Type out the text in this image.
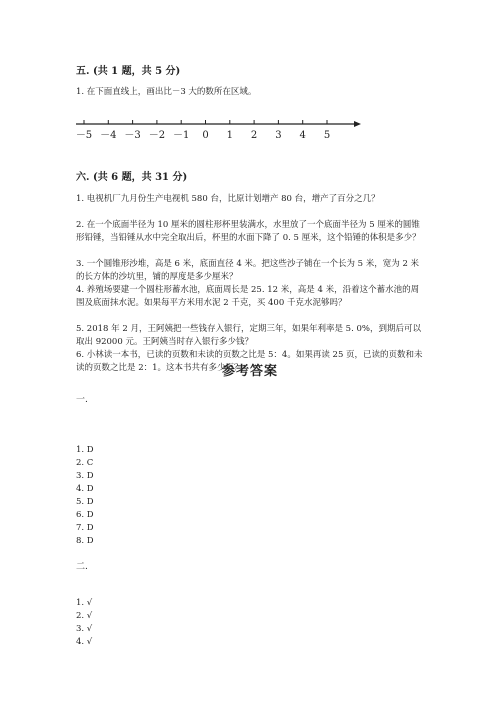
五. (共 1 题，共 5 分)
1. 在下面直线上，画出比－3 大的数所在区域。
－5 －4 －3 －2 －1 0 1 2 3 4 5
六. (共 6 题，共 31 分)
1. 电视机厂九月份生产电视机 580 台，比原计划增产 80 台，增产了百分之几？
2. 在一个底面半径为 10 厘米的圆柱形杯里装满水，水里放了一个底面半径为 5 厘米的圆锥形铅锤，当铅锤从水中完全取出后，杯里的水面下降了 0. 5 厘米，这个铅锤的体积是多少？
3. 一个圆锥形沙堆，高是 6 米，底面直径 4 米。把这些沙子铺在一个长为 5 米，宽为 2 米的长方体的沙坑里，铺的厚度是多少厘米？
4. 养殖场要建一个圆柱形蓄水池，底面周长是 25. 12 米，高是 4 米，沿着这个蓄水池的周围及底面抹水泥。如果每平方米用水泥 2 千克，买 400 千克水泥够吗？
5. 2018 年 2 月，王阿姨把一些钱存入银行，定期三年，如果年利率是 5. 0%，到期后可以取出 92000 元。王阿姨当时存入银行多少钱？
6. 小林读一本书，已读的页数和未读的页数之比是 5：4。如果再读 25 页，已读的页数和未读的页数之比是 2：1。这本书共有多少页？
参考答案
一.
1. D
2. C
3. D
4. D
5. D
6. D
7. D
8. D
二.
1. √
2. √
3. √
4. √
